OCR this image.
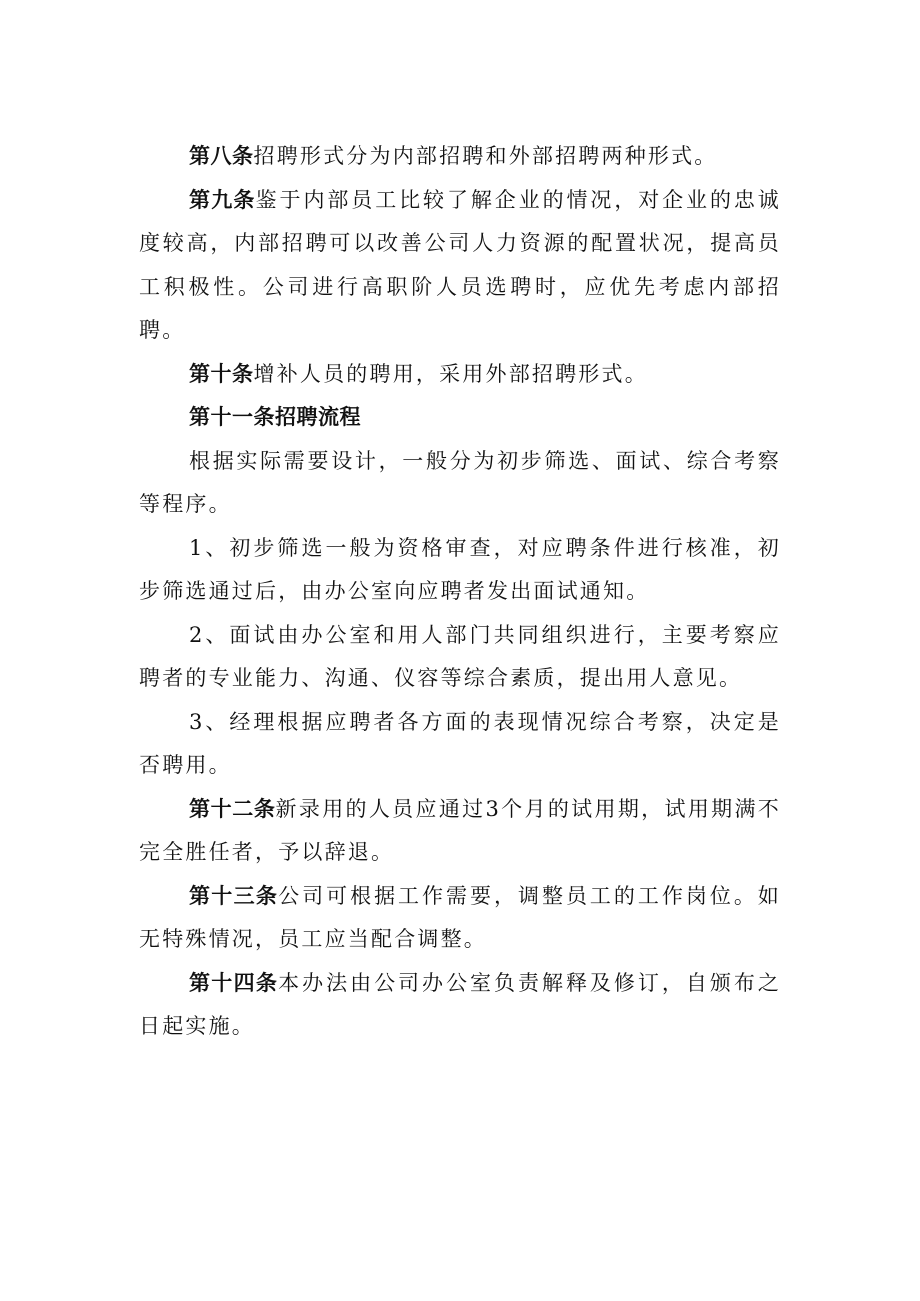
第八条招聘形式分为内部招聘和外部招聘两种形式。

第九条鉴于内部员工比较了解企业的情况，对企业的忠诚度较高，内部招聘可以改善公司人力资源的配置状况，提高员工积极性。公司进行高职阶人员选聘时，应优先考虑内部招聘。

第十条增补人员的聘用，采用外部招聘形式。

第十一条招聘流程

根据实际需要设计，一般分为初步筛选、面试、综合考察等程序。

1、初步筛选一般为资格审查，对应聘条件进行核准，初步筛选通过后，由办公室向应聘者发出面试通知。

2、面试由办公室和用人部门共同组织进行，主要考察应聘者的专业能力、沟通、仪容等综合素质，提出用人意见。

3、经理根据应聘者各方面的表现情况综合考察，决定是否聘用。

第十二条新录用的人员应通过3个月的试用期，试用期满不完全胜任者，予以辞退。

第十三条公司可根据工作需要，调整员工的工作岗位。如无特殊情况，员工应当配合调整。

第十四条本办法由公司办公室负责解释及修订，自颁布之日起实施。
